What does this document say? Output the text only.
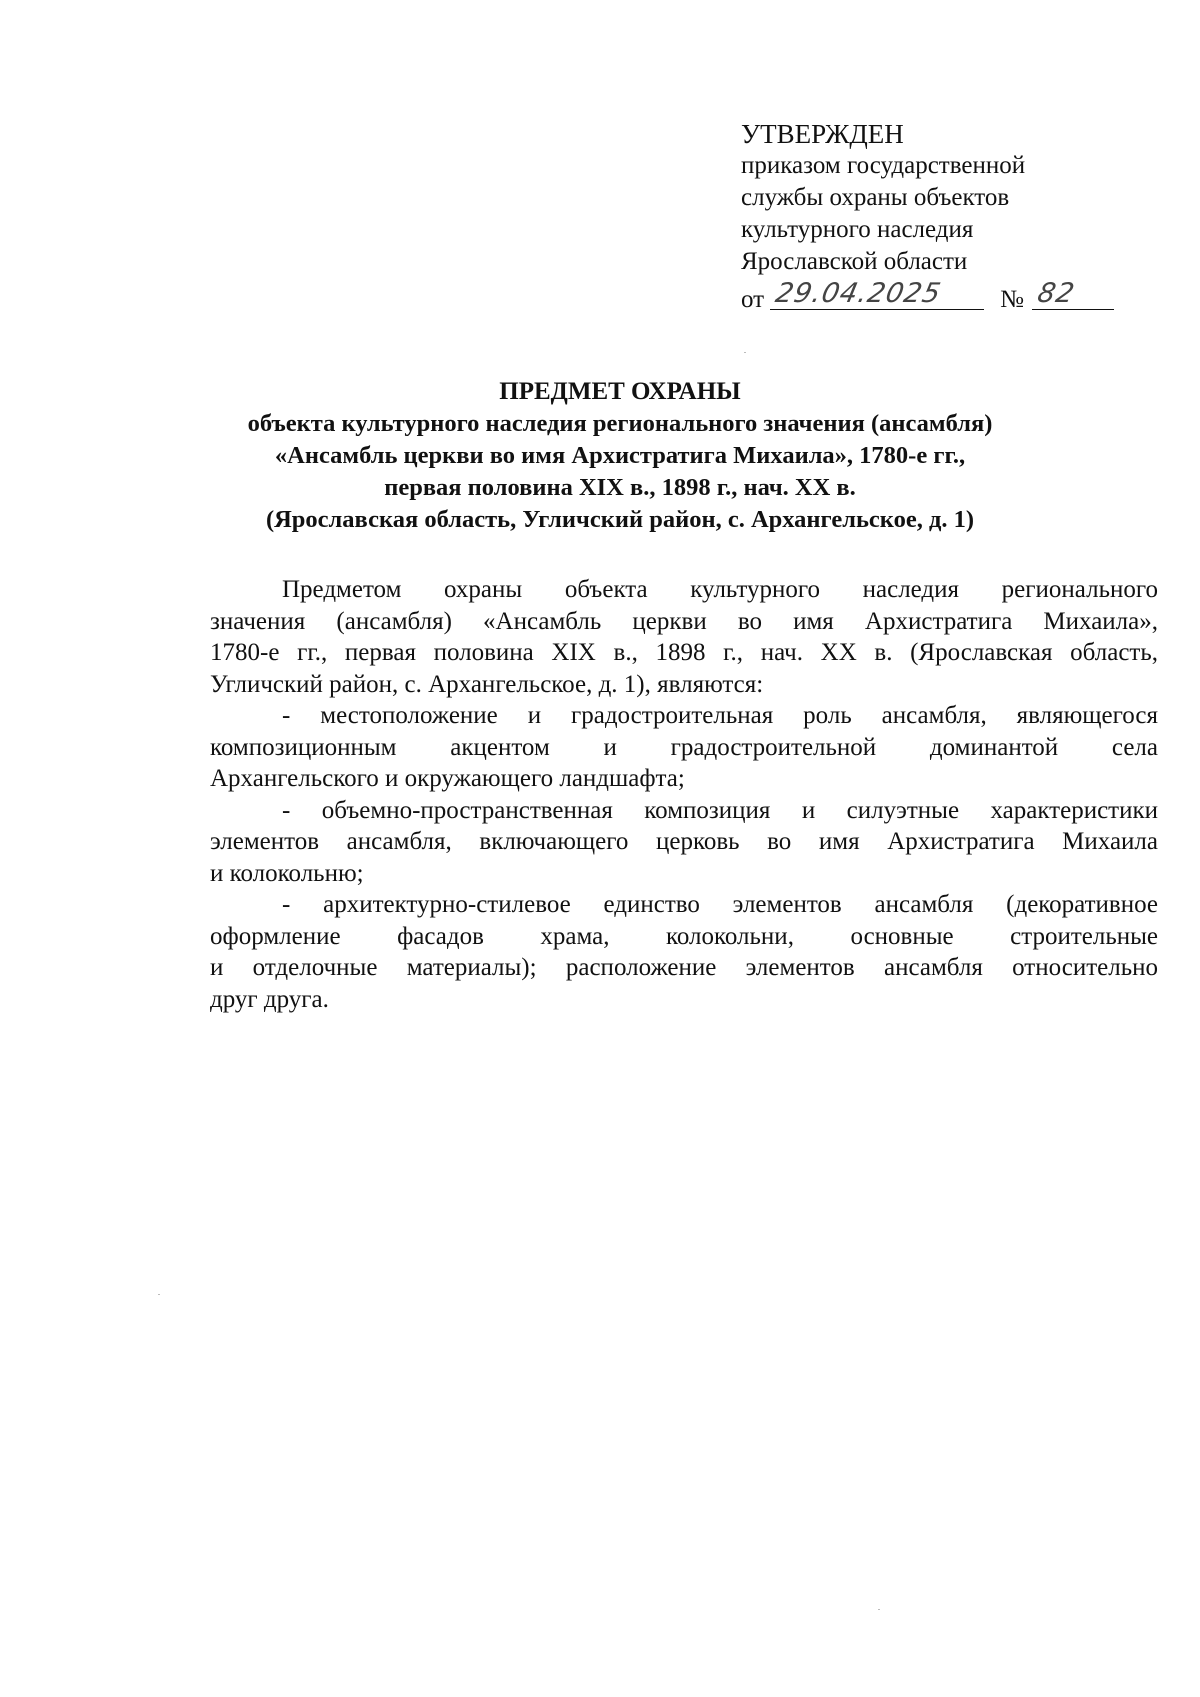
УТВЕРЖДЕН
приказом государственной
службы охраны объектов
культурного наследия
Ярославской области
от 29.04.2025 № 82
ПРЕДМЕТ ОХРАНЫ
объекта культурного наследия регионального значения (ансамбля)
«Ансамбль церкви во имя Архистратига Михаила», 1780-е гг.,
первая половина XIX в., 1898 г., нач. XX в.
(Ярославская область, Угличский район, с. Архангельское, д. 1)

Предметом охраны объекта культурного наследия регионального
значения (ансамбля) «Ансамбль церкви во имя Архистратига Михаила»,
1780-е гг., первая половина XIX в., 1898 г., нач. XX в. (Ярославская область,
Угличский район, с. Архангельское, д. 1), являются:

- местоположение и градостроительная роль ансамбля, являющегося
композиционным акцентом и градостроительной доминантой села
Архангельского и окружающего ландшафта;

- объемно-пространственная композиция и силуэтные характеристики
элементов ансамбля, включающего церковь во имя Архистратига Михаила
и колокольню;

- архитектурно-стилевое единство элементов ансамбля (декоративное
оформление фасадов храма, колокольни, основные строительные
и отделочные материалы); расположение элементов ансамбля относительно
друг друга.
